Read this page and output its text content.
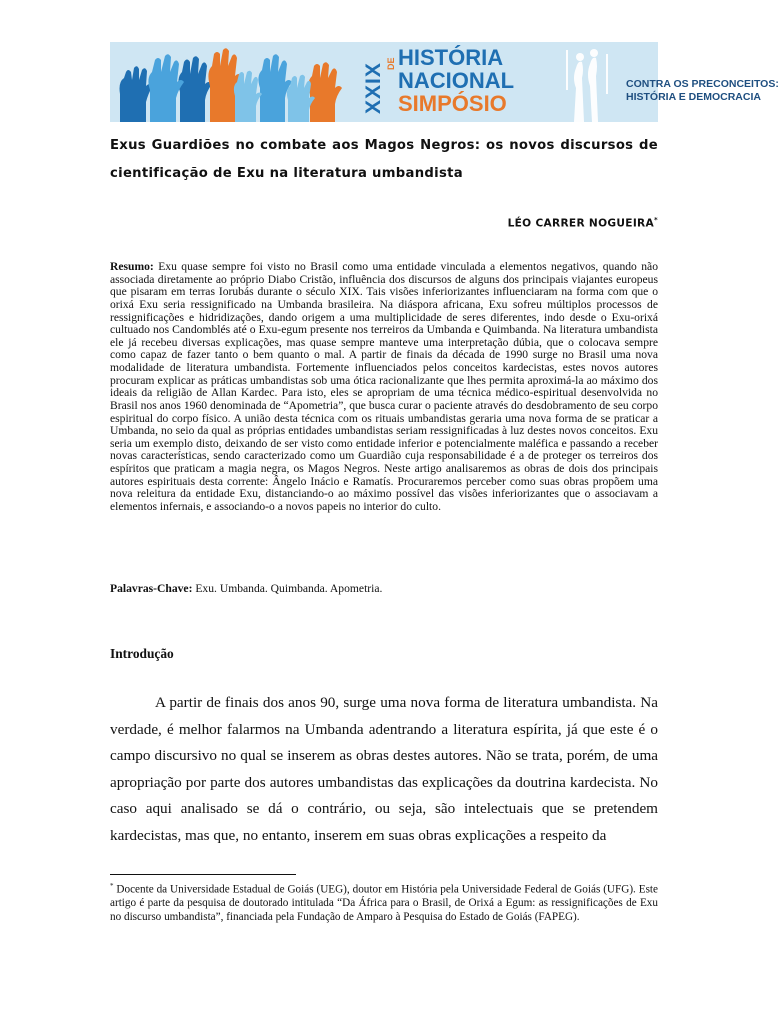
XXIX DE HISTÓRIA
NACIONAL
SIMPÓSIO
CONTRA OS PRECONCEITOS:
HISTÓRIA E DEMOCRACIA
Exus Guardiões no combate aos Magos Negros: os novos discursos de cientificação de Exu na literatura umbandista
LÉO CARRER NOGUEIRA*

Resumo: Exu quase sempre foi visto no Brasil como uma entidade vinculada a elementos negativos, quando não associada diretamente ao próprio Diabo Cristão, influência dos discursos de alguns dos principais viajantes europeus que pisaram em terras Iorubás durante o século XIX. Tais visões inferiorizantes influenciaram na forma com que o orixá Exu seria ressignificado na Umbanda brasileira. Na diáspora africana, Exu sofreu múltiplos processos de ressignificações e hidridizações, dando origem a uma multiplicidade de seres diferentes, indo desde o Exu-orixá cultuado nos Candomblés até o Exu-egum presente nos terreiros da Umbanda e Quimbanda. Na literatura umbandista ele já recebeu diversas explicações, mas quase sempre manteve uma interpretação dúbia, que o colocava sempre como capaz de fazer tanto o bem quanto o mal. A partir de finais da década de 1990 surge no Brasil uma nova modalidade de literatura umbandista. Fortemente influenciados pelos conceitos kardecistas, estes novos autores procuram explicar as práticas umbandistas sob uma ótica racionalizante que lhes permita aproximá-la ao máximo dos ideais da religião de Allan Kardec. Para isto, eles se apropriam de uma técnica médico-espiritual desenvolvida no Brasil nos anos 1960 denominada de “Apometria”, que busca curar o paciente através do desdobramento de seu corpo espiritual do corpo físico. A união desta técnica com os rituais umbandistas geraria uma nova forma de se praticar a Umbanda, no seio da qual as próprias entidades umbandistas seriam ressignificadas à luz destes novos conceitos. Exu seria um exemplo disto, deixando de ser visto como entidade inferior e potencialmente maléfica e passando a receber novas características, sendo caracterizado como um Guardião cuja responsabilidade é a de proteger os terreiros dos espíritos que praticam a magia negra, os Magos Negros. Neste artigo analisaremos as obras de dois dos principais autores espirituais desta corrente: Ângelo Inácio e Ramatís. Procuraremos perceber como suas obras propõem uma nova releitura da entidade Exu, distanciando-o ao máximo possível das visões inferiorizantes que o associavam a elementos infernais, e associando-o a novos papeis no interior do culto.

Palavras-Chave: Exu. Umbanda. Quimbanda. Apometria.

Introdução

A partir de finais dos anos 90, surge uma nova forma de literatura umbandista. Na verdade, é melhor falarmos na Umbanda adentrando a literatura espírita, já que este é o campo discursivo no qual se inserem as obras destes autores. Não se trata, porém, de uma apropriação por parte dos autores umbandistas das explicações da doutrina kardecista. No caso aqui analisado se dá o contrário, ou seja, são intelectuais que se pretendem kardecistas, mas que, no entanto, inserem em suas obras explicações a respeito da

* Docente da Universidade Estadual de Goiás (UEG), doutor em História pela Universidade Federal de Goiás (UFG). Este artigo é parte da pesquisa de doutorado intitulada “Da África para o Brasil, de Orixá a Egum: as ressignificações de Exu no discurso umbandista”, financiada pela Fundação de Amparo à Pesquisa do Estado de Goiás (FAPEG).
